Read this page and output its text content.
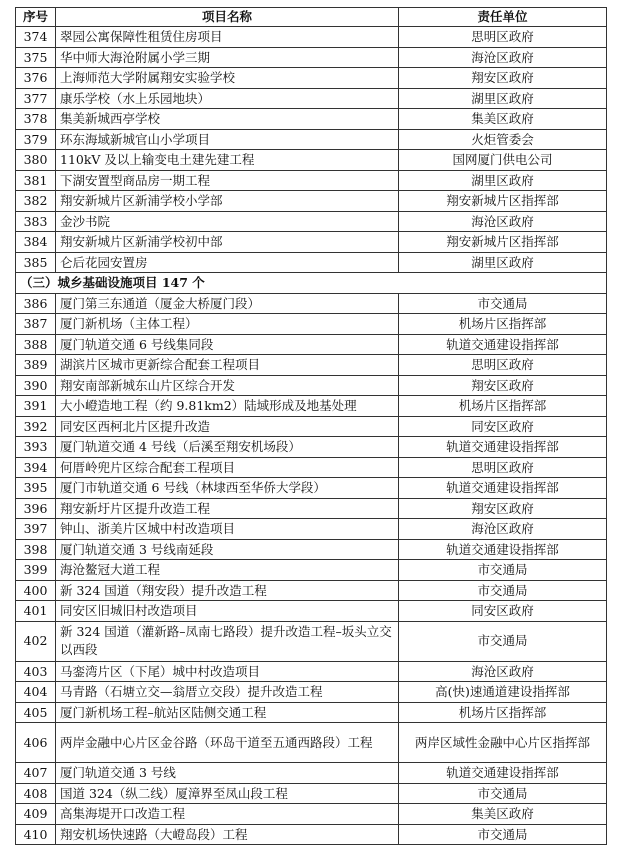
序号	项目名称	责任单位
374	翠园公寓保障性租赁住房项目	思明区政府
375	华中师大海沧附属小学三期	海沧区政府
376	上海师范大学附属翔安实验学校	翔安区政府
377	康乐学校（水上乐园地块）	湖里区政府
378	集美新城西亭学校	集美区政府
379	环东海域新城官山小学项目	火炬管委会
380	110kV 及以上输变电土建先建工程	国网厦门供电公司
381	下湖安置型商品房一期工程	湖里区政府
382	翔安新城片区新浦学校小学部	翔安新城片区指挥部
383	金沙书院	海沧区政府
384	翔安新城片区新浦学校初中部	翔安新城片区指挥部
385	仑后花园安置房	湖里区政府
（三）城乡基础设施项目 147 个		
386	厦门第三东通道（厦金大桥厦门段）	市交通局
387	厦门新机场（主体工程）	机场片区指挥部
388	厦门轨道交通 6 号线集同段	轨道交通建设指挥部
389	湖滨片区城市更新综合配套工程项目	思明区政府
390	翔安南部新城东山片区综合开发	翔安区政府
391	大小嶝造地工程（约 9.81km2）陆域形成及地基处理	机场片区指挥部
392	同安区西柯北片区提升改造	同安区政府
393	厦门轨道交通 4 号线（后溪至翔安机场段）	轨道交通建设指挥部
394	何厝岭兜片区综合配套工程项目	思明区政府
395	厦门市轨道交通 6 号线（林埭西至华侨大学段）	轨道交通建设指挥部
396	翔安新圩片区提升改造工程	翔安区政府
397	钟山、浙美片区城中村改造项目	海沧区政府
398	厦门轨道交通 3 号线南延段	轨道交通建设指挥部
399	海沧鳌冠大道工程	市交通局
400	新 324 国道（翔安段）提升改造工程	市交通局
401	同安区旧城旧村改造项目	同安区政府
402	新 324 国道（灌新路–凤南七路段）提升改造工程–坂头立交以西段	市交通局
403	马銮湾片区（下尾）城中村改造项目	海沧区政府
404	马青路（石塘立交—翁厝立交段）提升改造工程	高(快)速通道建设指挥部
405	厦门新机场工程–航站区陆侧交通工程	机场片区指挥部
406	两岸金融中心片区金谷路（环岛干道至五通西路段）工程	两岸区域性金融中心片区指挥部
407	厦门轨道交通 3 号线	轨道交通建设指挥部
408	国道 324（纵二线）厦漳界至凤山段工程	市交通局
409	高集海堤开口改造工程	集美区政府
410	翔安机场快速路（大嶝岛段）工程	市交通局
